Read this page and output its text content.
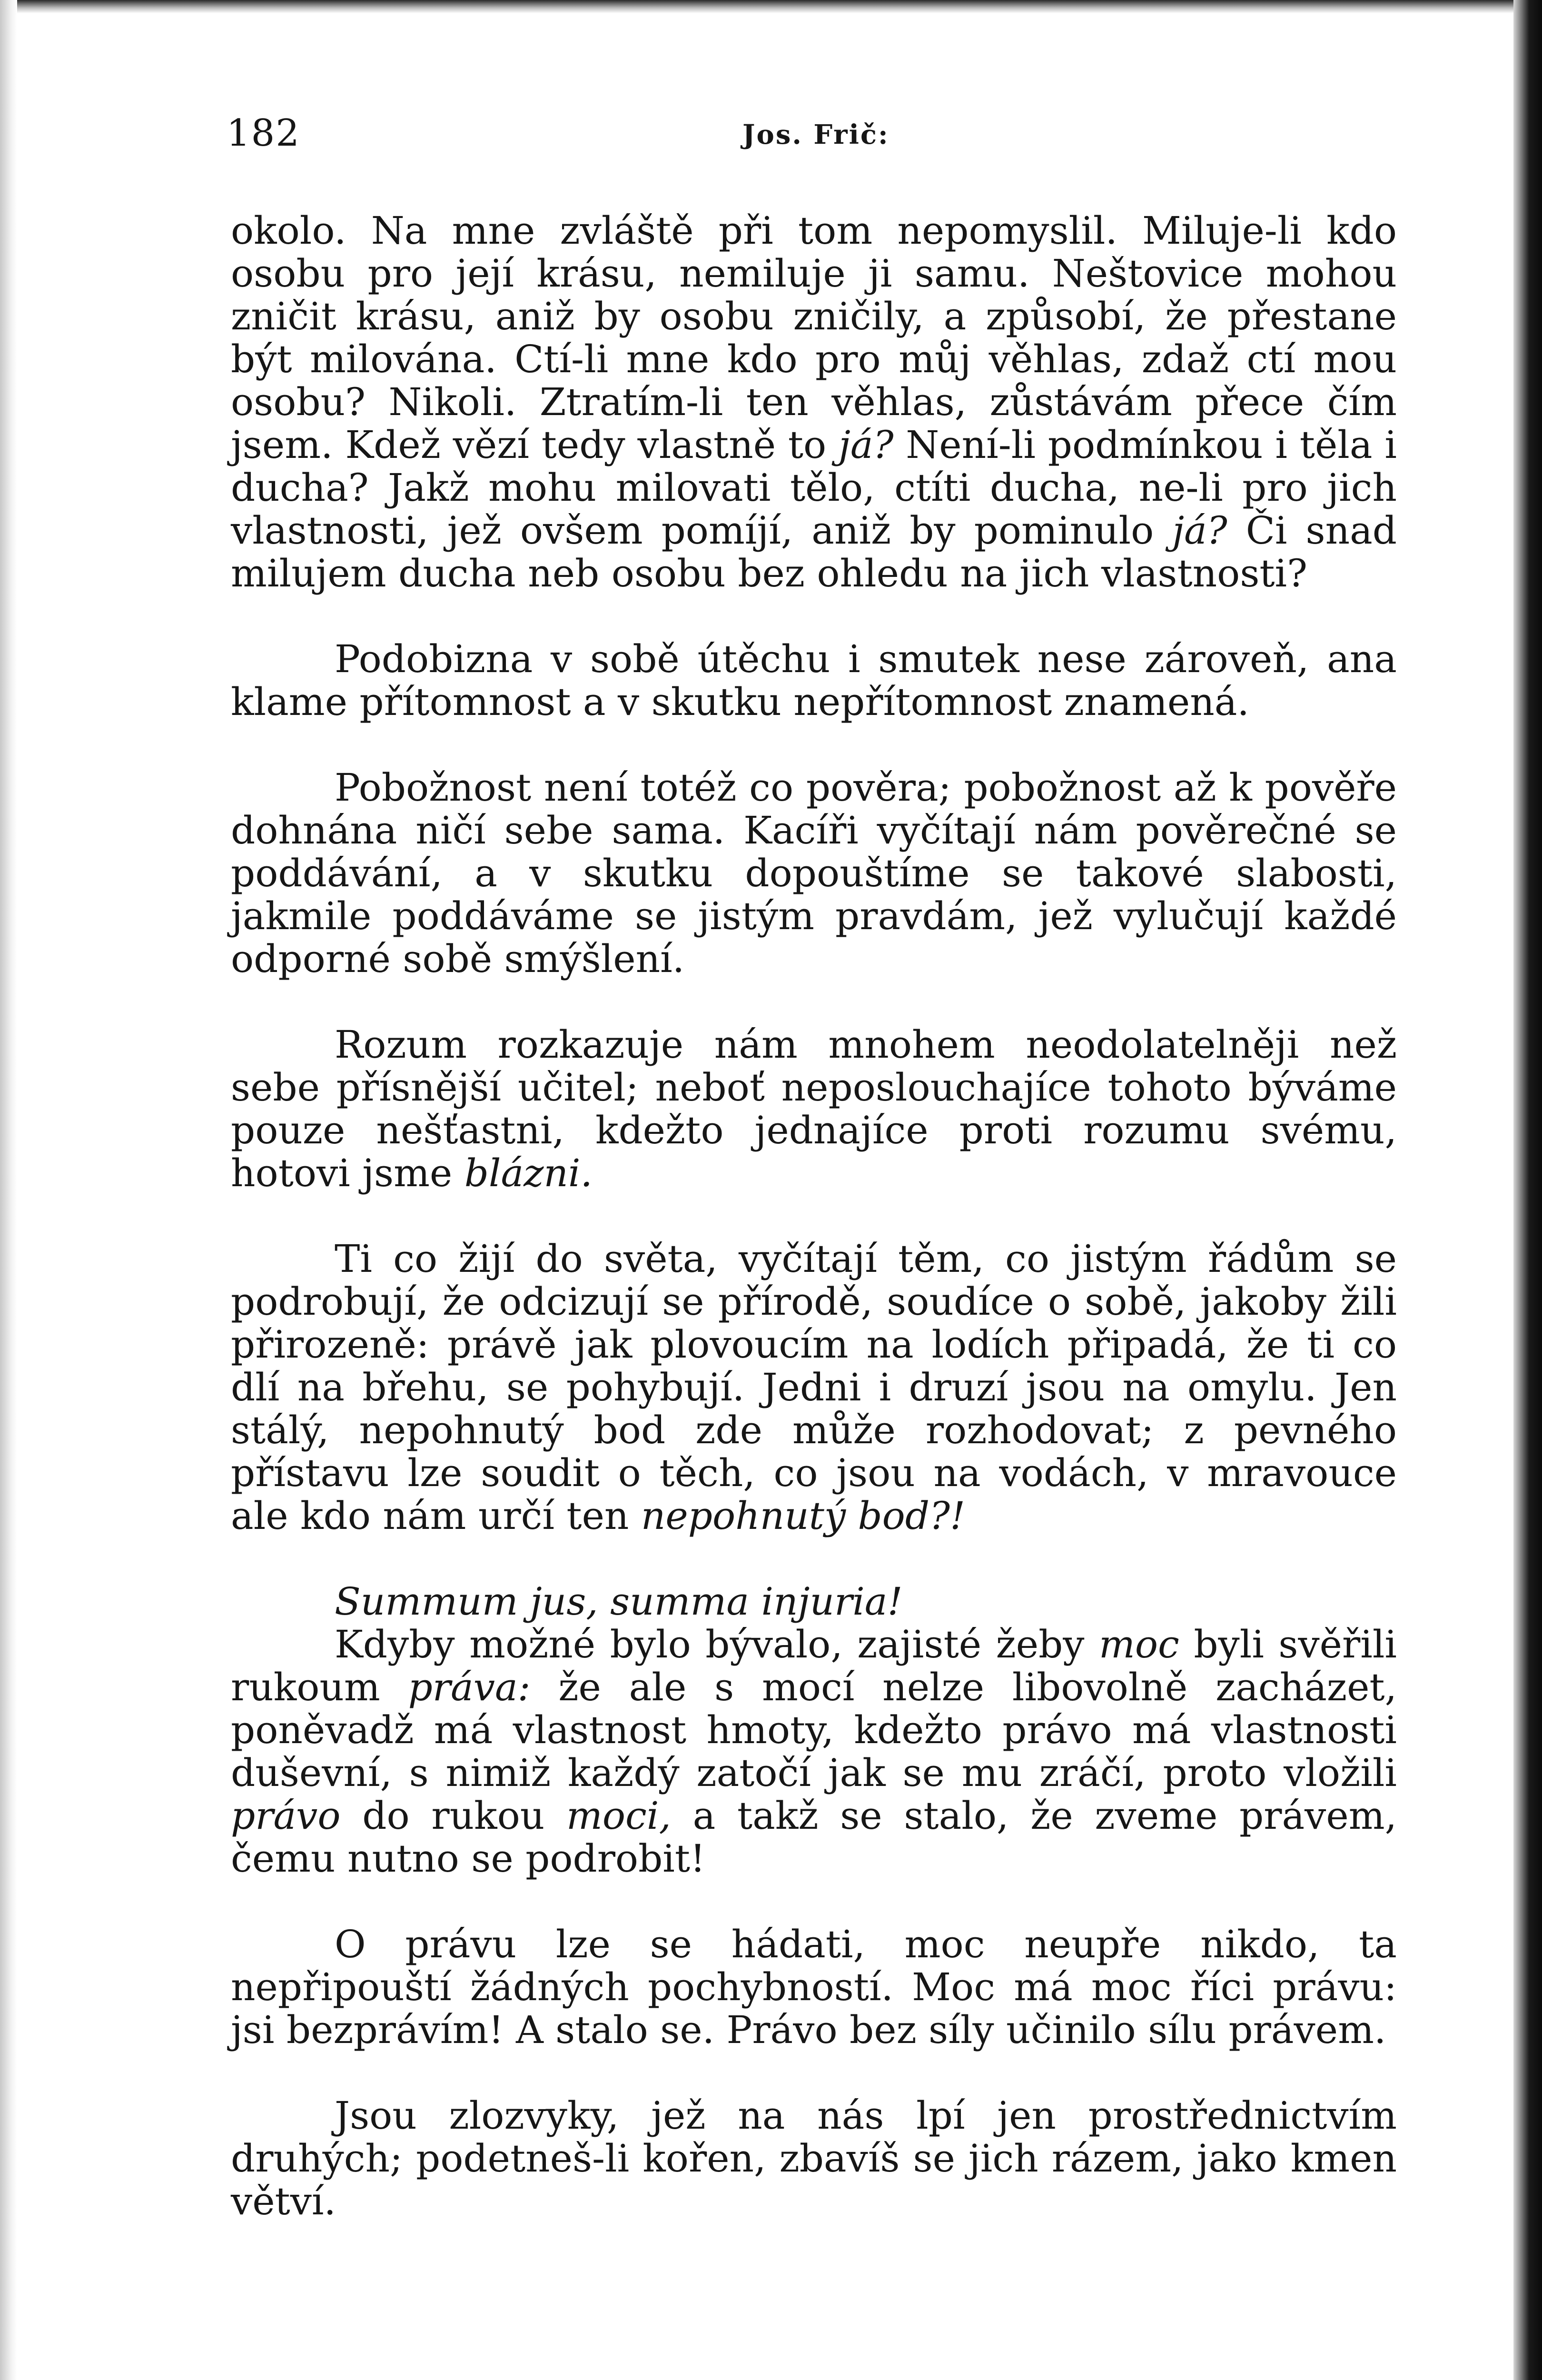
182	Jos. Frič:

okolo. Na mne zvláště při tom nepomyslil. Miluje-li kdo osobu pro její krásu, nemiluje ji samu. Neštovice mohou zničit krásu, aniž by osobu zničily, a způsobí, že přestane být milována. Ctí-li mne kdo pro můj věhlas, zdaž ctí mou osobu? Nikoli. Ztratím-li ten věhlas, zůstávám přece čím jsem. Kdež vězí tedy vlastně to já? Není-li podmínkou i těla i ducha? Jakž mohu milovati tělo, ctíti ducha, ne-li pro jich vlastnosti, jež ovšem pomíjí, aniž by pominulo já? Či snad milujem ducha neb osobu bez ohledu na jich vlastnosti?

Podobizna v sobě útěchu i smutek nese zároveň, ana klame přítomnost a v skutku nepřítomnost znamená.

Pobožnost není totéž co pověra; pobožnost až k pověře dohnána ničí sebe sama. Kacíři vyčítají nám pověrečné se poddávání, a v skutku dopouštíme se takové slabosti, jakmile poddáváme se jistým pravdám, jež vylučují každé odporné sobě smýšlení.

Rozum rozkazuje nám mnohem neodolatelněji než sebe přísnější učitel; neboť neposlouchajíce tohoto býváme pouze nešťastni, kdežto jednajíce proti rozumu svému, hotovi jsme blázni.

Ti co žijí do světa, vyčítají těm, co jistým řádům se podrobují, že odcizují se přírodě, soudíce o sobě, jakoby žili přirozeně: právě jak plovoucím na lodích připadá, že ti co dlí na břehu, se pohybují. Jedni i druzí jsou na omylu. Jen stálý, nepohnutý bod zde může rozhodovat; z pevného přístavu lze soudit o těch, co jsou na vodách, v mravouce ale kdo nám určí ten nepohnutý bod?!

Summum jus, summa injuria!

Kdyby možné bylo bývalo, zajisté žeby moc byli svěřili rukoum práva: že ale s mocí nelze libovolně zacházet, poněvadž má vlastnost hmoty, kdežto právo má vlastnosti duševní, s nimiž každý zatočí jak se mu zráčí, proto vložili právo do rukou moci, a takž se stalo, že zveme právem, čemu nutno se podrobit!

O právu lze se hádati, moc neupře nikdo, ta nepřipouští žádných pochybností. Moc má moc říci právu: jsi bezprávím! A stalo se. Právo bez síly učinilo sílu právem.

Jsou zlozvyky, jež na nás lpí jen prostřednictvím druhých; podetneš-li kořen, zbavíš se jich rázem, jako kmen větví.
